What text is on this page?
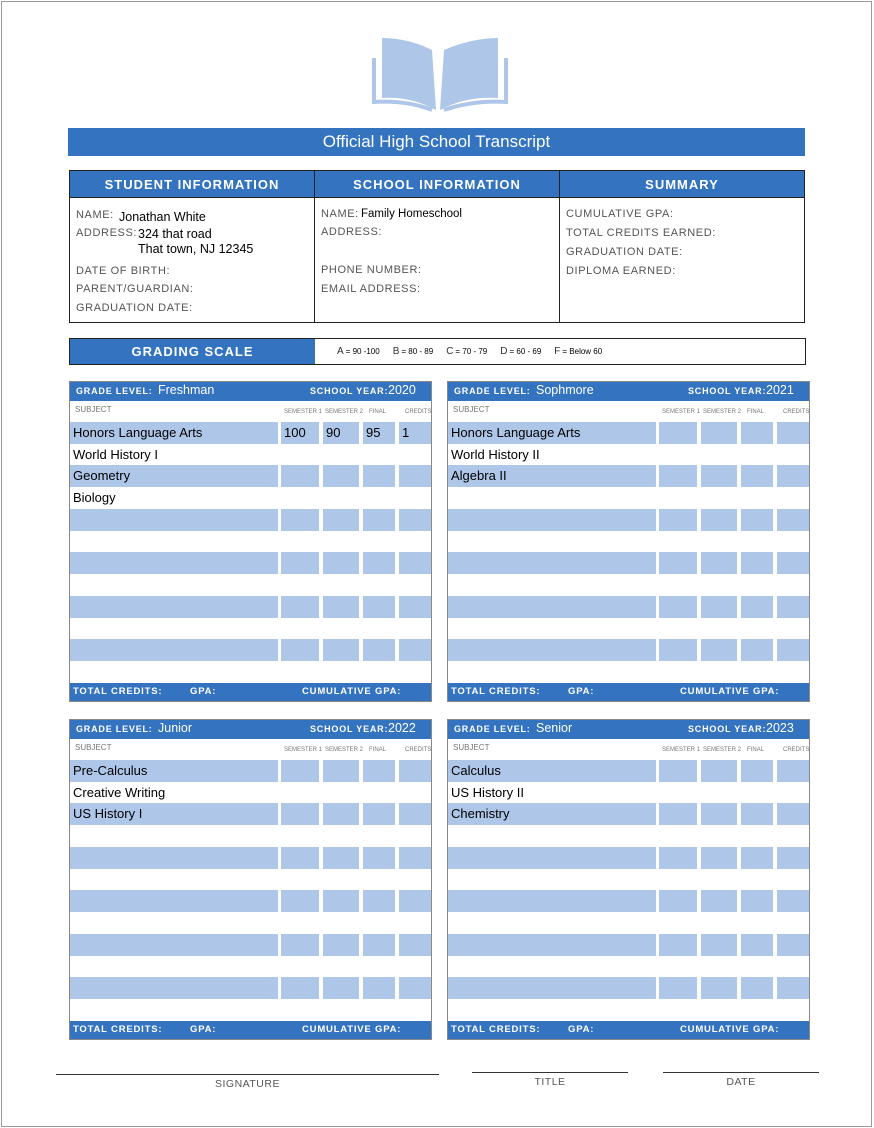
Official High School Transcript
STUDENT INFORMATION
NAME: Jonathan White
ADDRESS: 324 that road
That town, NJ 12345
DATE OF BIRTH:
PARENT/GUARDIAN:
GRADUATION DATE:
SCHOOL INFORMATION
NAME: Family Homeschool
ADDRESS:
PHONE NUMBER:
EMAIL ADDRESS:
SUMMARY
CUMULATIVE GPA:
TOTAL CREDITS EARNED:
GRADUATION DATE:
DIPLOMA EARNED:
GRADING SCALE	A = 90 -100 B = 80 - 89 C = 70 - 79 D = 60 - 69 F = Below 60
GRADE LEVEL: Freshman	SCHOOL YEAR: 2020
SUBJECT	SEMESTER 1 SEMESTER 2 FINAL	CREDITS
Honors Language Arts	100	90	95	1
World History I
Geometry
Biology
TOTAL CREDITS:	GPA:	CUMULATIVE GPA:
GRADE LEVEL: Sophmore	SCHOOL YEAR: 2021
SUBJECT	SEMESTER 1 SEMESTER 2 FINAL	CREDITS
Honors Language Arts
World History II
Algebra II
TOTAL CREDITS:	GPA:	CUMULATIVE GPA:
GRADE LEVEL: Junior	SCHOOL YEAR: 2022
SUBJECT	SEMESTER 1 SEMESTER 2 FINAL	CREDITS
Pre-Calculus
Creative Writing
US History I
TOTAL CREDITS:	GPA:	CUMULATIVE GPA:
GRADE LEVEL: Senior	SCHOOL YEAR: 2023
SUBJECT	SEMESTER 1 SEMESTER 2 FINAL	CREDITS
Calculus
US History II
Chemistry
TOTAL CREDITS:	GPA:	CUMULATIVE GPA:
SIGNATURE	TITLE	DATE
